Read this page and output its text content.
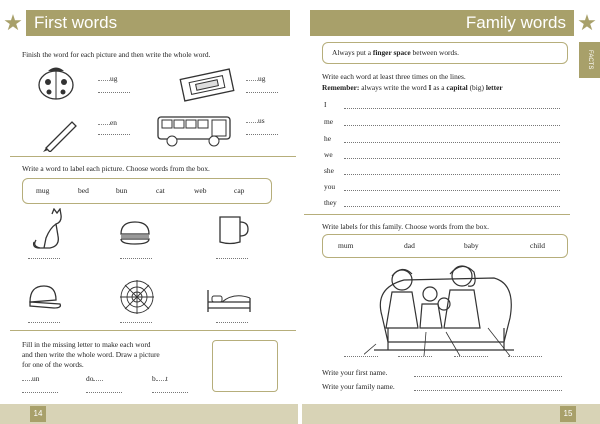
★ First words	Family words ★
FACTS
Finish the word for each picture and then write the whole word.
ug	ug
en	us
Write a word to label each picture. Choose words from the box.
mug	bed	bun	cat	web	cap
Fill in the missing letter to make each word
and then write the whole word. Draw a picture
for one of the words.
un	do	b t
Always put a finger space between words.
Write each word at least three times on the lines.
Remember: always write the word I as a capital (big) letter
I
me
he
we
she
you
they
Write labels for this family. Choose words from the box.
mum	dad	baby	child
Write your first name.
Write your family name.
14	15
